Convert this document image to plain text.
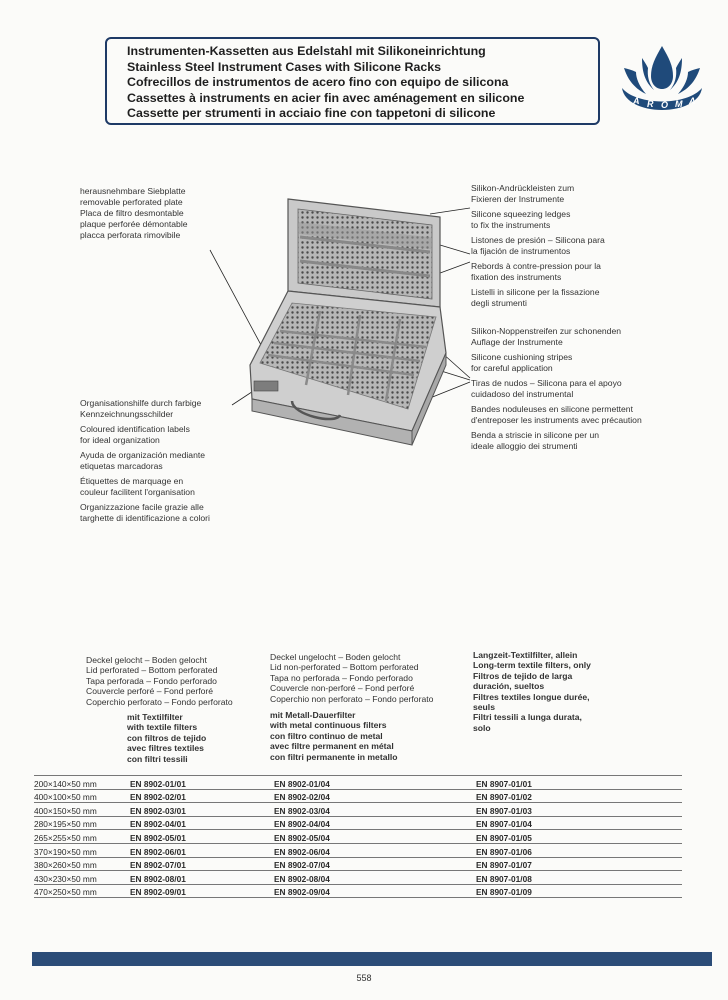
Instrumenten-Kassetten aus Edelstahl mit Silikoneinrichtung
Stainless Steel Instrument Cases with Silicone Racks
Cofrecillos de instrumentos de acero fino con equipo de silicona
Cassettes à instruments en acier fin avec aménagement en silicone
Cassette per strumenti in acciaio fine con tappetoni di silicone
A R O M A
herausnehmbare Siebplatte
removable perforated plate
Placa de filtro desmontable
plaque perforée démontable
placca perforata rimovibile
Organisationshilfe durch farbige
Kennzeichnungsschilder
Coloured identification labels
for ideal organization
Ayuda de organización mediante
etiquetas marcadoras
Étiquettes de marquage en
couleur facilitent l'organisation
Organizzazione facile grazie alle
targhette di identificazione a colori
Silikon-Andrückleisten zum
Fixieren der Instrumente
Silicone squeezing ledges
to fix the instruments
Listones de presión – Silicona para
la fijación de instrumentos
Rebords à contre-pression pour la
fixation des instruments
Listelli in silicone per la fissazione
degli strumenti
Silikon-Noppenstreifen zur schonenden
Auflage der Instrumente
Silicone cushioning stripes
for careful application
Tiras de nudos – Silicona para el apoyo
cuidadoso del instrumental
Bandes noduleuses en silicone permettent
d'entreposer les instruments avec précaution
Benda a striscie in silicone per un
ideale alloggio dei strumenti
Deckel gelocht – Boden gelocht
Lid perforated – Bottom perforated
Tapa perforada – Fondo perforado
Couvercle perforé – Fond perforé
Coperchio perforato – Fondo perforato
mit Textilfilter
with textile filters
con filtros de tejido
avec filtres textiles
con filtri tessili
Deckel ungelocht – Boden gelocht
Lid non-perforated – Bottom perforated
Tapa no perforada – Fondo perforado
Couvercle non-perforé – Fond perforé
Coperchio non perforato – Fondo perforato
mit Metall-Dauerfilter
with metal continuous filters
con filtro continuo de metal
avec filtre permanent en métal
con filtri permanente in metallo
Langzeit-Textilfilter, allein
Long-term textile filters, only
Filtros de tejido de larga
duración, sueltos
Filtres textiles longue durée,
seuls
Filtri tessili a lunga durata,
solo
200×140×50 mm	EN 8902-01/01	EN 8902-01/04	EN 8907-01/01
400×100×50 mm	EN 8902-02/01	EN 8902-02/04	EN 8907-01/02
400×150×50 mm	EN 8902-03/01	EN 8902-03/04	EN 8907-01/03
280×195×50 mm	EN 8902-04/01	EN 8902-04/04	EN 8907-01/04
265×255×50 mm	EN 8902-05/01	EN 8902-05/04	EN 8907-01/05
370×190×50 mm	EN 8902-06/01	EN 8902-06/04	EN 8907-01/06
380×260×50 mm	EN 8902-07/01	EN 8902-07/04	EN 8907-01/07
430×230×50 mm	EN 8902-08/01	EN 8902-08/04	EN 8907-01/08
470×250×50 mm	EN 8902-09/01	EN 8902-09/04	EN 8907-01/09
558
